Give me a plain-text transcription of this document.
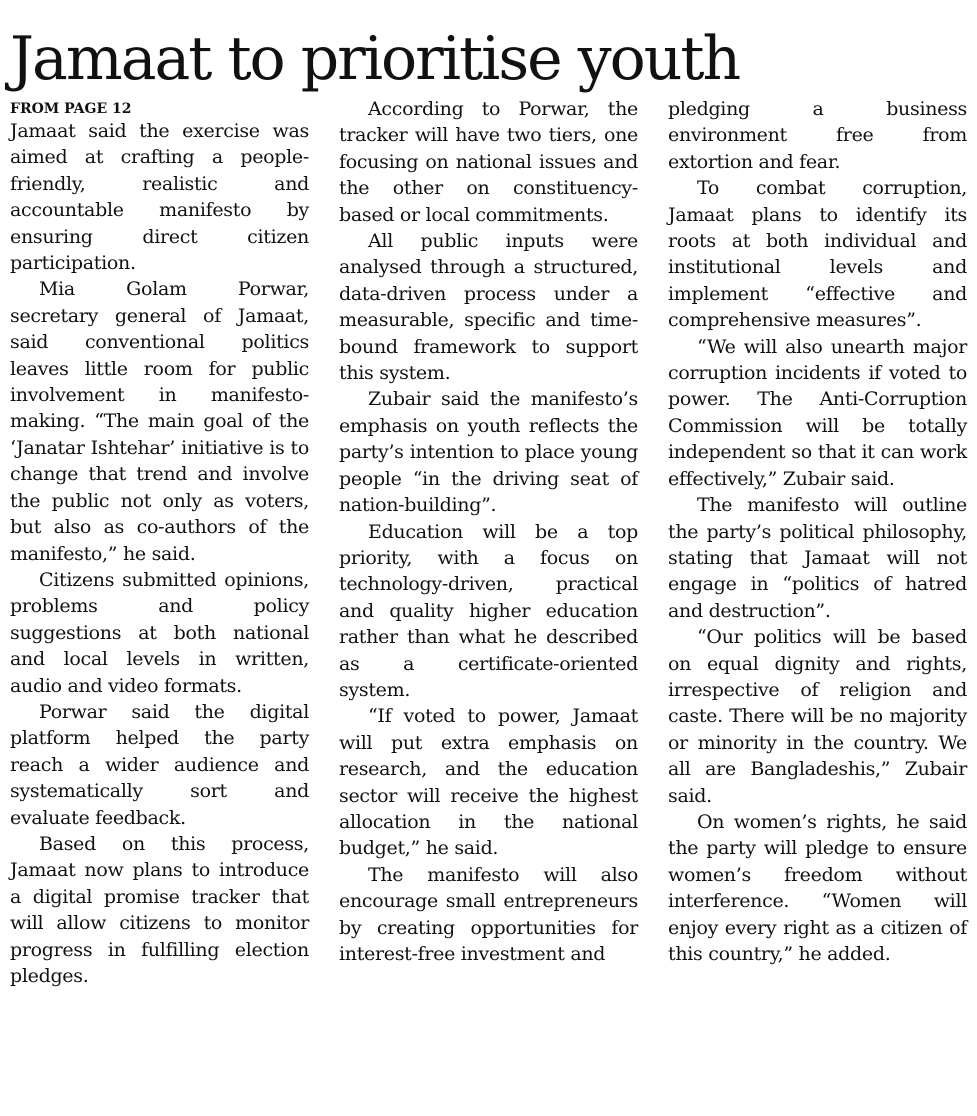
Jamaat to prioritise youth
FROM PAGE 12

Jamaat said the exercise was aimed at crafting a people-friendly, realistic and accountable manifesto by ensuring direct citizen participation.

Mia Golam Porwar, secretary general of Jamaat, said conventional politics leaves little room for public involvement in manifesto-making. “The main goal of the ‘Janatar Ishtehar’ initiative is to change that trend and involve the public not only as voters, but also as co-authors of the manifesto,” he said.

Citizens submitted opinions, problems and policy suggestions at both national and local levels in written, audio and video formats.

Porwar said the digital platform helped the party reach a wider audience and systematically sort and evaluate feedback.

Based on this process, Jamaat now plans to introduce a digital promise tracker that will allow citizens to monitor progress in fulfilling election pledges.

According to Porwar, the tracker will have two tiers, one focusing on national issues and the other on constituency-based or local commitments.

All public inputs were analysed through a structured, data-driven process under a measurable, specific and time-bound framework to support this system.

Zubair said the manifesto’s emphasis on youth reflects the party’s intention to place young people “in the driving seat of nation-building”.

Education will be a top priority, with a focus on technology-driven, practical and quality higher education rather than what he described as a certificate-oriented system.

“If voted to power, Jamaat will put extra emphasis on research, and the education sector will receive the highest allocation in the national budget,” he said.

The manifesto will also encourage small entrepreneurs by creating opportunities for interest-free investment and

pledging a business environment free from extortion and fear.

To combat corruption, Jamaat plans to identify its roots at both individual and institutional levels and implement “effective and comprehensive measures”.

“We will also unearth major corruption incidents if voted to power. The Anti-Corruption Commission will be totally independent so that it can work effectively,” Zubair said.

The manifesto will outline the party’s political philosophy, stating that Jamaat will not engage in “politics of hatred and destruction”.

“Our politics will be based on equal dignity and rights, irrespective of religion and caste. There will be no majority or minority in the country. We all are Bangladeshis,” Zubair said.

On women’s rights, he said the party will pledge to ensure women’s freedom without interference. “Women will enjoy every right as a citizen of this country,” he added.
